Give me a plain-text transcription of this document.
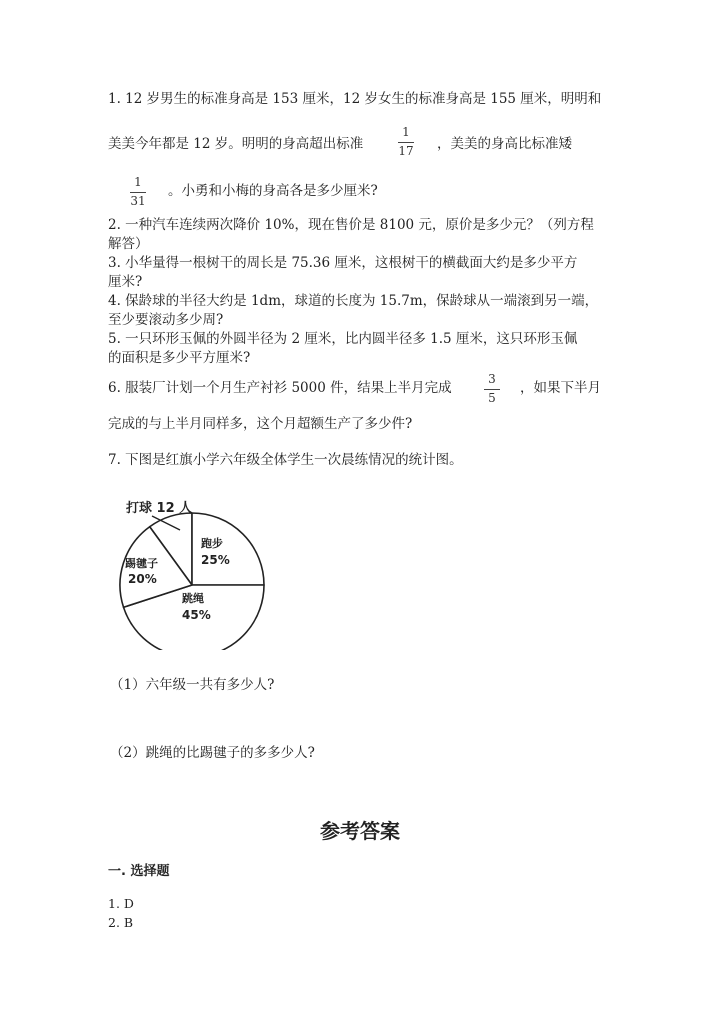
1. 12 岁男生的标准身高是 153 厘米，12 岁女生的标准身高是 155 厘米，明明和
美美今年都是 12 岁。明明的身高超出标准
1
17 ，美美的身高比标准矮
1
31
。小勇和小梅的身高各是多少厘米?
2. 一种汽车连续两次降价 10%，现在售价是 8100 元，原价是多少元？（列方程
解答）
3. 小华量得一根树干的周长是 75.36 厘米，这根树干的横截面大约是多少平方
厘米?
4. 保龄球的半径大约是 1dm，球道的长度为 15.7m，保龄球从一端滚到另一端，
至少要滚动多少周?
5. 一只环形玉佩的外圆半径为 2 厘米，比内圆半径多 1.5 厘米，这只环形玉佩
的面积是多少平方厘米?
6. 服装厂计划一个月生产衬衫 5000 件，结果上半月完成
3
5
，如果下半月
完成的与上半月同样多，这个月超额生产了多少件?
7. 下图是红旗小学六年级全体学生一次晨练情况的统计图。
打球 12 人
跑步
25%
跳绳
45%
踢毽子
20%
（1）六年级一共有多少人?
（2）跳绳的比踢毽子的多多少人?
参考答案
一. 选择题
1. D
2. B
